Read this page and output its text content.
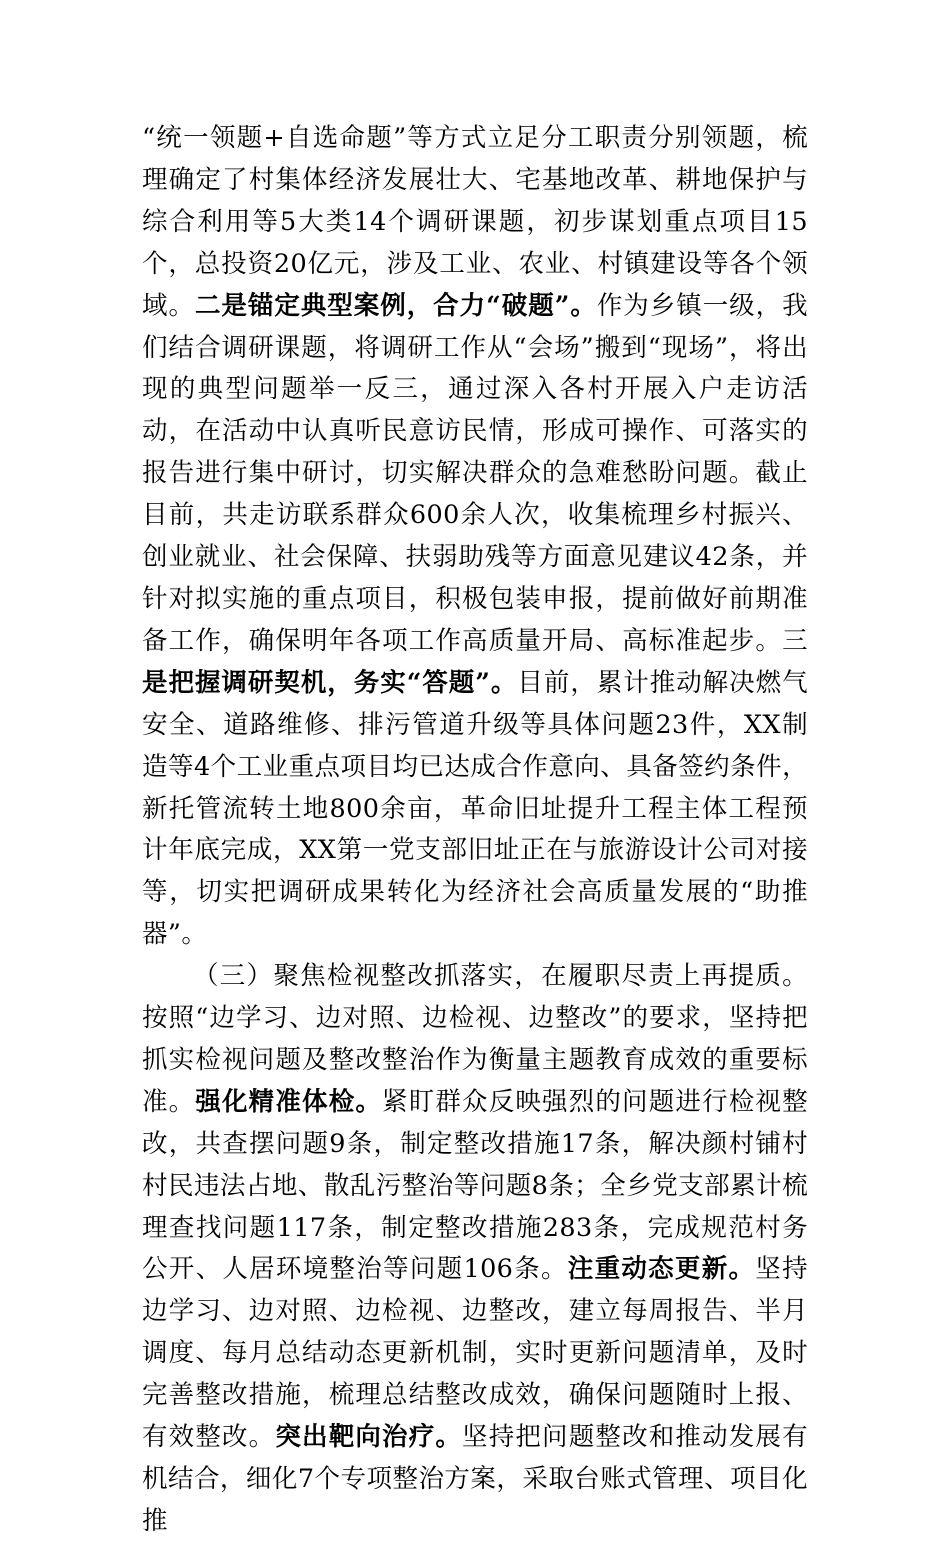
“统一领题+自选命题”等方式立足分工职责分别领题，梳理确定了村集体经济发展壮大、宅基地改革、耕地保护与综合利用等5大类14个调研课题，初步谋划重点项目15个，总投资20亿元，涉及工业、农业、村镇建设等各个领域。二是锚定典型案例，合力“破题”。作为乡镇一级，我们结合调研课题，将调研工作从“会场”搬到“现场”，将出现的典型问题举一反三，通过深入各村开展入户走访活动，在活动中认真听民意访民情，形成可操作、可落实的报告进行集中研讨，切实解决群众的急难愁盼问题。截止目前，共走访联系群众600余人次，收集梳理乡村振兴、创业就业、社会保障、扶弱助残等方面意见建议42条，并针对拟实施的重点项目，积极包装申报，提前做好前期准备工作，确保明年各项工作高质量开局、高标准起步。三是把握调研契机，务实“答题”。目前，累计推动解决燃气安全、道路维修、排污管道升级等具体问题23件，XX制造等4个工业重点项目均已达成合作意向、具备签约条件，新托管流转土地800余亩，革命旧址提升工程主体工程预计年底完成，XX第一党支部旧址正在与旅游设计公司对接等，切实把调研成果转化为经济社会高质量发展的“助推器”。

（三）聚焦检视整改抓落实，在履职尽责上再提质。按照“边学习、边对照、边检视、边整改”的要求，坚持把抓实检视问题及整改整治作为衡量主题教育成效的重要标准。强化精准体检。紧盯群众反映强烈的问题进行检视整改，共查摆问题9条，制定整改措施17条，解决颜村铺村村民违法占地、散乱污整治等问题8条；全乡党支部累计梳理查找问题117条，制定整改措施283条，完成规范村务公开、人居环境整治等问题106条。注重动态更新。坚持边学习、边对照、边检视、边整改，建立每周报告、半月调度、每月总结动态更新机制，实时更新问题清单，及时完善整改措施，梳理总结整改成效，确保问题随时上报、有效整改。突出靶向治疗。坚持把问题整改和推动发展有机结合，细化7个专项整治方案，采取台账式管理、项目化推
